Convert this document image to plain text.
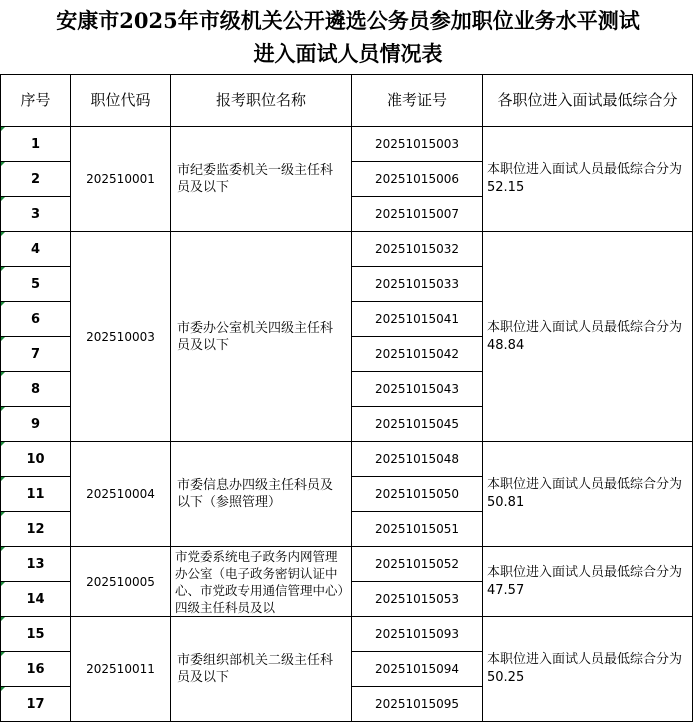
安康市2025年市级机关公开遴选公务员参加职位业务水平测试
进入面试人员情况表
序号	职位代码	报考职位名称	准考证号	各职位进入面试最低综合分
1	202510001	市纪委监委机关一级主任科员及以下	20251015003	本职位进入面试人员最低综合分为52.15
2			20251015006	
3			20251015007	
4	202510003	市委办公室机关四级主任科员及以下	20251015032	本职位进入面试人员最低综合分为48.84
5			20251015033	
6			20251015041	
7			20251015042	
8			20251015043	
9			20251015045	
10	202510004	市委信息办四级主任科员及以下（参照管理）	20251015048	本职位进入面试人员最低综合分为50.81
11			20251015050	
12			20251015051	
13	202510005	市党委系统电子政务内网管理办公室（电子政务密钥认证中心、市党政专用通信管理中心）四级主任科员及以	20251015052	本职位进入面试人员最低综合分为47.57
14			20251015053	
15	202510011	市委组织部机关二级主任科员及以下	20251015093	本职位进入面试人员最低综合分为50.25
16			20251015094	
17			20251015095	
